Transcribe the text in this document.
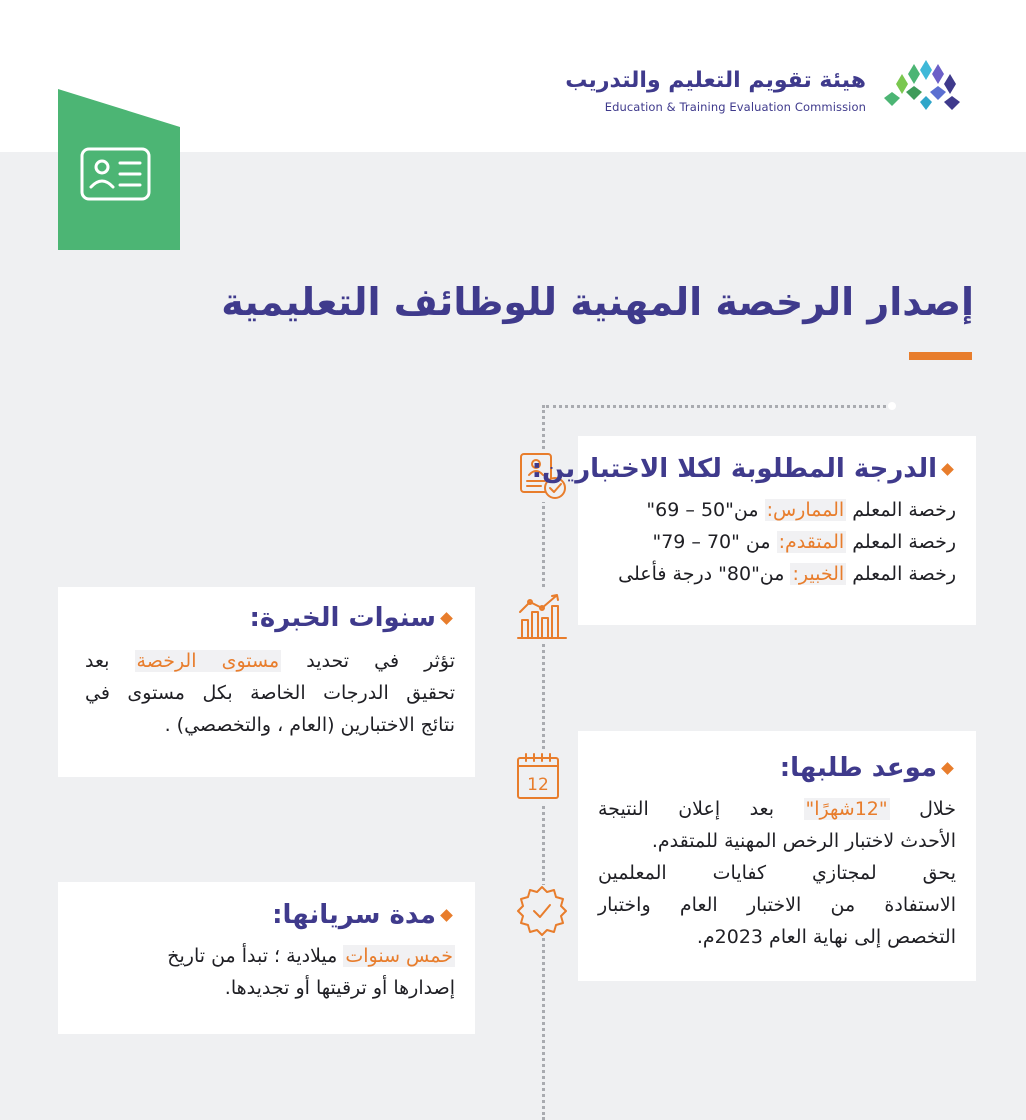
هيئة تقويم التعليم والتدريب
Education & Training Evaluation Commission
إصدار الرخصة المهنية للوظائف التعليمية
12
الدرجة المطلوبة لكلا الاختبارين:
رخصة المعلم الممارس: من"50 – 69"
رخصة المعلم المتقدم: من "70 – 79"
رخصة المعلم الخبير: من"80" درجة فأعلى
سنوات الخبرة:
تؤثر في تحديد مستوى الرخصة بعد
تحقيق الدرجات الخاصة بكل مستوى في
نتائج الاختبارين (العام ، والتخصصي) .
موعد طلبها:
خلال "12شهرًا" بعد إعلان النتيجة
الأحدث لاختبار الرخص المهنية للمتقدم.
يحق لمجتازي كفايات المعلمين
الاستفادة من الاختبار العام واختبار
التخصص إلى نهاية العام 2023م.
مدة سريانها:
خمس سنوات ميلادية ؛ تبدأ من تاريخ
إصدارها أو ترقيتها أو تجديدها.
